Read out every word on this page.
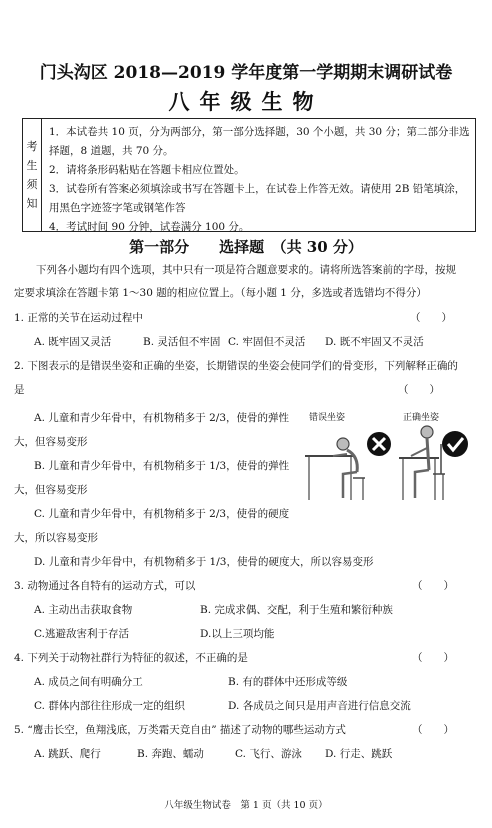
门头沟区 2018—2019 学年度第一学期期末调研试卷
八年级生物
考
生
须
知
1．本试卷共 10 页，分为两部分，第一部分选择题，30 个小题，共 30 分；第二部分非选择题，8 道题，共 70 分。
2．请将条形码粘贴在答题卡相应位置处。
3．试卷所有答案必须填涂或书写在答题卡上，在试卷上作答无效。请使用 2B 铅笔填涂，用黑色字迹签字笔或钢笔作答
4．考试时间 90 分钟，试卷满分 100 分。
第一部分　　选择题　（共 30 分）
下列各小题均有四个选项，其中只有一项是符合题意要求的。请将所选答案前的字母，按规
定要求填涂在答题卡第 1～30 题的相应位置上。（每小题 1 分，多选或者选错均不得分）
1. 正常的关节在运动过程中	（　　）
A. 既牢固又灵活	B. 灵活但不牢固 C. 牢固但不灵活 D. 既不牢固又不灵活
2. 下图表示的是错误坐姿和正确的坐姿，长期错误的坐姿会使同学们的骨变形，下列解释正确的
是	（　　）
A. 儿童和青少年骨中，有机物稍多于 2/3，使骨的弹性
大，但容易变形
B. 儿童和青少年骨中，有机物稍多于 1/3，使骨的弹性
大，但容易变形
C. 儿童和青少年骨中，有机物稍多于 2/3，使骨的硬度
大，所以容易变形
D. 儿童和青少年骨中，有机物稍多于 1/3，使骨的硬度大，所以容易变形
错误坐姿	正确坐姿
3. 动物通过各自特有的运动方式，可以	（　　）
A. 主动出击获取食物	B. 完成求偶、交配，利于生殖和繁衍种族
C.逃避敌害利于存活	D.以上三项均能
4. 下列关于动物社群行为特征的叙述，不正确的是	（　　）
A. 成员之间有明确分工	B. 有的群体中还形成等级
C. 群体内部往往形成一定的组织	D. 各成员之间只是用声音进行信息交流
5. “鹰击长空，鱼翔浅底，万类霜天竞自由” 描述了动物的哪些运动方式	（　　）
A. 跳跃、爬行	B. 奔跑、蠕动	C. 飞行、游泳 D. 行走、跳跃
八年级生物试卷　第 1 页（共 10 页）
